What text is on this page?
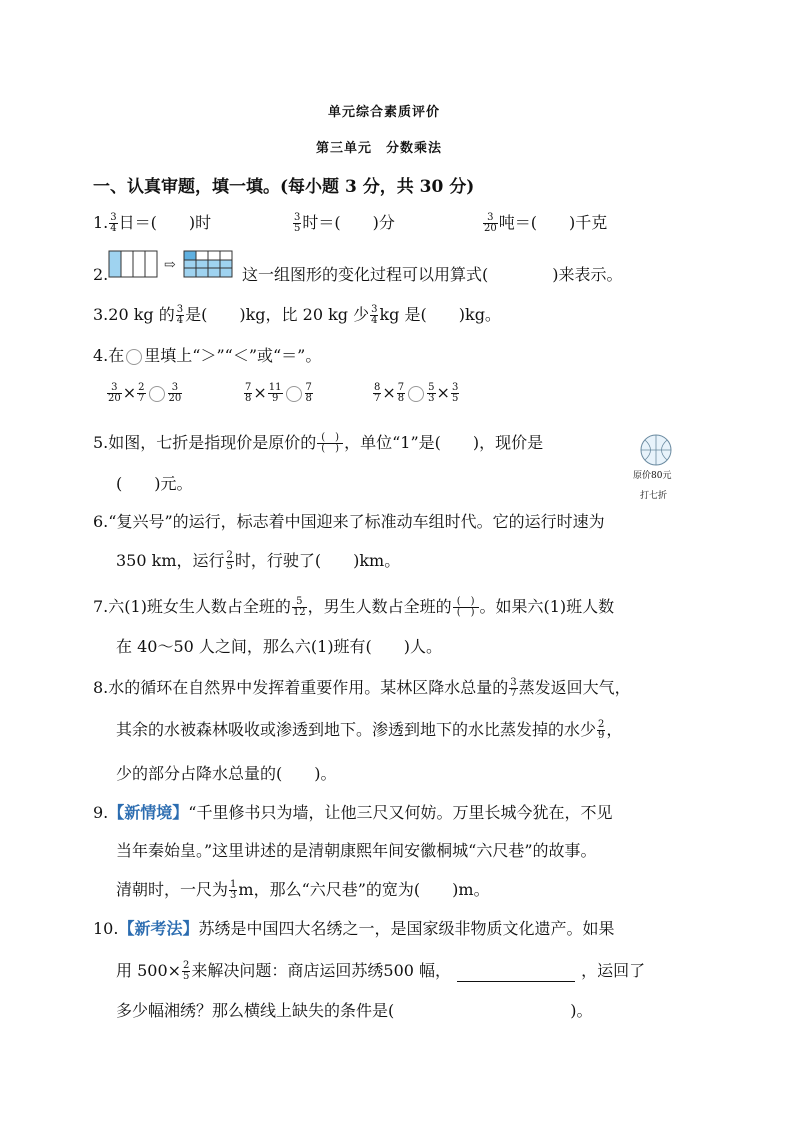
单元综合素质评价
第三单元　分数乘法
一、认真审题，填一填。(每小题 3 分，共 30 分)
1. $\frac{3}{4}$ 日＝(　　)时	$\frac{3}{5}$ 时＝(　　)分	$\frac{3}{20}$ 吨＝(　　)千克
2.	⇨	这一组图形的变化过程可以用算式(　　　　)来表示。
3.20 kg 的 $\frac{3}{4}$ 是(　　)kg，比 20 kg 少 $\frac{3}{4}$ kg 是(　　)kg。
4.在 里填上“＞”“＜”或“＝”。
$\frac{3}{20} \times \frac{2}{7} \frac{3}{20}$	$\frac{7}{8} \times \frac{11}{9} \frac{7}{8}$	$\frac{8}{7} \times \frac{7}{8} \frac{5}{3} \times \frac{3}{5}$
5.如图，七折是指现价是原价的 $\frac{( )}{( )}$ ，单位“1”是(　　)，现价是
(　　)元。	原价80元
打七折
6.“复兴号”的运行，标志着中国迎来了标准动车组时代。它的运行时速为
350 km，运行 $\frac{2}{5}$ 时，行驶了(　　)km。
7.六(1)班女生人数占全班的 $\frac{5}{12}$ ，男生人数占全班的 $\frac{( )}{( )}$ 。如果六(1)班人数
在 40～50 人之间，那么六(1)班有(　　)人。
8.水的循环在自然界中发挥着重要作用。某林区降水总量的 $\frac{3}{7}$ 蒸发返回大气，
其余的水被森林吸收或渗透到地下。渗透到地下的水比蒸发掉的水少 $\frac{2}{9}$ ，
少的部分占降水总量的(　　)。
9.【新情境】“千里修书只为墙，让他三尺又何妨。万里长城今犹在，不见
当年秦始皇。”这里讲述的是清朝康熙年间安徽桐城“六尺巷”的故事。
清朝时，一尺为 $\frac{1}{3}$ m，那么“六尺巷”的宽为(　　)m。
10.【新考法】苏绣是中国四大名绣之一，是国家级非物质文化遗产。如果
用 $500\times \frac{2}{5}$ 来解决问题：商店运回苏绣500 幅，	，运回了
多少幅湘绣？那么横线上缺失的条件是(　　　　　　　　　　　)。
